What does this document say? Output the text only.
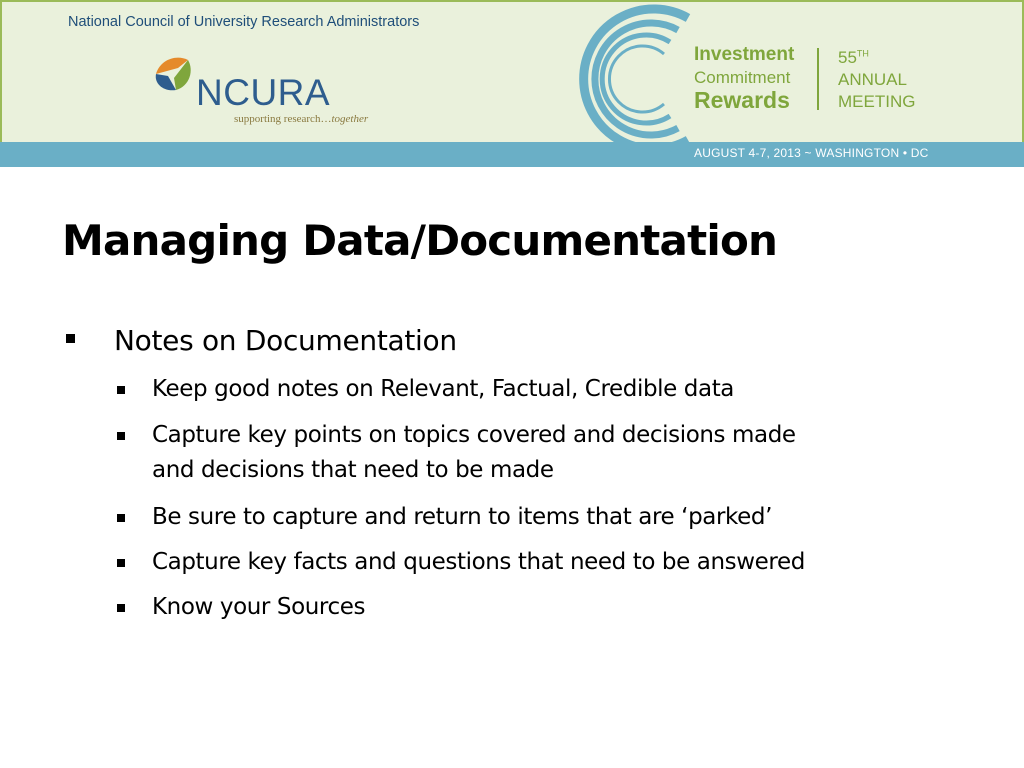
AUGUST 4-7, 2013 ~ WASHINGTON • DC
National Council of University Research Administrators
NCURA
supporting research…together
Investment
Commitment
Rewards
55TH
ANNUAL
MEETING
Managing Data/Documentation
Notes on Documentation
Keep good notes on Relevant, Factual, Credible data
Capture key points on topics covered and decisions made
and decisions that need to be made
Be sure to capture and return to items that are ‘parked’
Capture key facts and questions that need to be answered
Know your Sources
